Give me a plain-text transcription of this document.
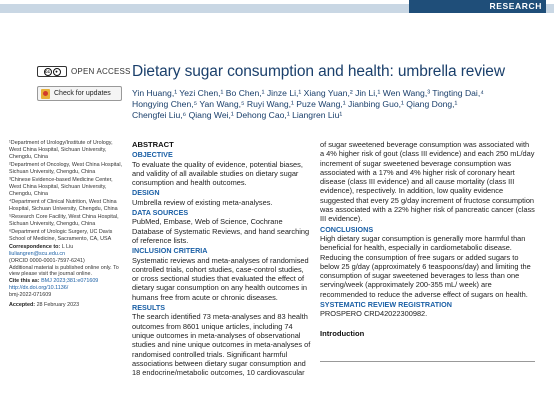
RESEARCH
cc	●	OPEN ACCESS
Check for updates
Dietary sugar consumption and health: umbrella review
Yin Huang,¹ Yezi Chen,¹ Bo Chen,¹ Jinze Li,¹ Xiang Yuan,² Jin Li,¹ Wen Wang,³ Tingting Dai,⁴
Hongying Chen,⁵ Yan Wang,⁵ Ruyi Wang,¹ Puze Wang,¹ Jianbing Guo,¹ Qiang Dong,¹
Chengfei Liu,⁶ Qiang Wei,¹ Dehong Cao,¹ Liangren Liu¹
¹Department of Urology/Institute of Urology, West China Hospital, Sichuan University, Chengdu, China
²Department of Oncology, West China Hospital, Sichuan University, Chengdu, China
³Chinese Evidence-based Medicine Center, West China Hospital, Sichuan University, Chengdu, China
⁴Department of Clinical Nutrition, West China Hospital, Sichuan University, Chengdu, China
⁵Research Core Facility, West China Hospital, Sichuan University, Chengdu, China
⁶Department of Urologic Surgery, UC Davis School of Medicine, Sacramento, CA, USA
Correspondence to: L Liu
liuliangren@scu.edu.cn
(ORCID 0000-0001-7597-6241)
Additional material is published online only. To view please visit the journal online.
Cite this as: BMJ 2023;381:e071609
http://dx.doi.org/10.1136/
bmj-2022-071609
Accepted: 28 February 2023
ABSTRACT
OBJECTIVE
To evaluate the quality of evidence, potential biases, and validity of all available studies on dietary sugar consumption and health outcomes.
DESIGN
Umbrella review of existing meta-analyses.
DATA SOURCES
PubMed, Embase, Web of Science, Cochrane Database of Systematic Reviews, and hand searching of reference lists.
INCLUSION CRITERIA
Systematic reviews and meta-analyses of randomised controlled trials, cohort studies, case-control studies, or cross sectional studies that evaluated the effect of dietary sugar consumption on any health outcomes in humans free from acute or chronic diseases.
RESULTS
The search identified 73 meta-analyses and 83 health outcomes from 8601 unique articles, including 74 unique outcomes in meta-analyses of observational studies and nine unique outcomes in meta-analyses of randomised controlled trials. Significant harmful associations between dietary sugar consumption and 18 endocrine/metabolic outcomes, 10 cardiovascular
of sugar sweetened beverage consumption was associated with a 4% higher risk of gout (class III evidence) and each 250 mL/day increment of sugar sweetened beverage consumption was associated with a 17% and 4% higher risk of coronary heart disease (class III evidence) and all cause mortality (class III evidence), respectively. In addition, low quality evidence suggested that every 25 g/day increment of fructose consumption was associated with a 22% higher risk of pancreatic cancer (class III evidence).
CONCLUSIONS
High dietary sugar consumption is generally more harmful than beneficial for health, especially in cardiometabolic disease. Reducing the consumption of free sugars or added sugars to below 25 g/day (approximately 6 teaspoons/day) and limiting the consumption of sugar sweetened beverages to less than one serving/week (approximately 200-355 mL/ week) are recommended to reduce the adverse effect of sugars on health.
SYSTEMATIC REVIEW REGISTRATION
PROSPERO CRD42022300982.
Introduction
